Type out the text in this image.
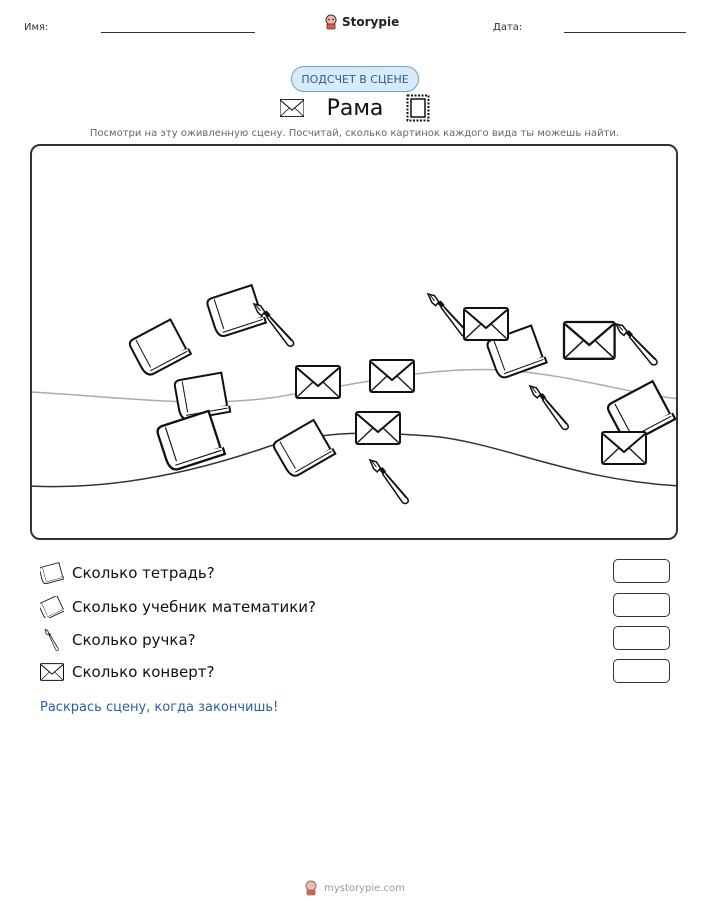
Имя:	Storypie	Дата:
ПОДСЧЕТ В СЦЕНЕ
Рама
Посмотри на эту оживленную сцену. Посчитай, сколько картинок каждого вида ты можешь найти.
Сколько тетрадь?
Сколько учебник математики?
Сколько ручка?
Сколько конверт?
Раскрась сцену, когда закончишь!
mystorypie.com
